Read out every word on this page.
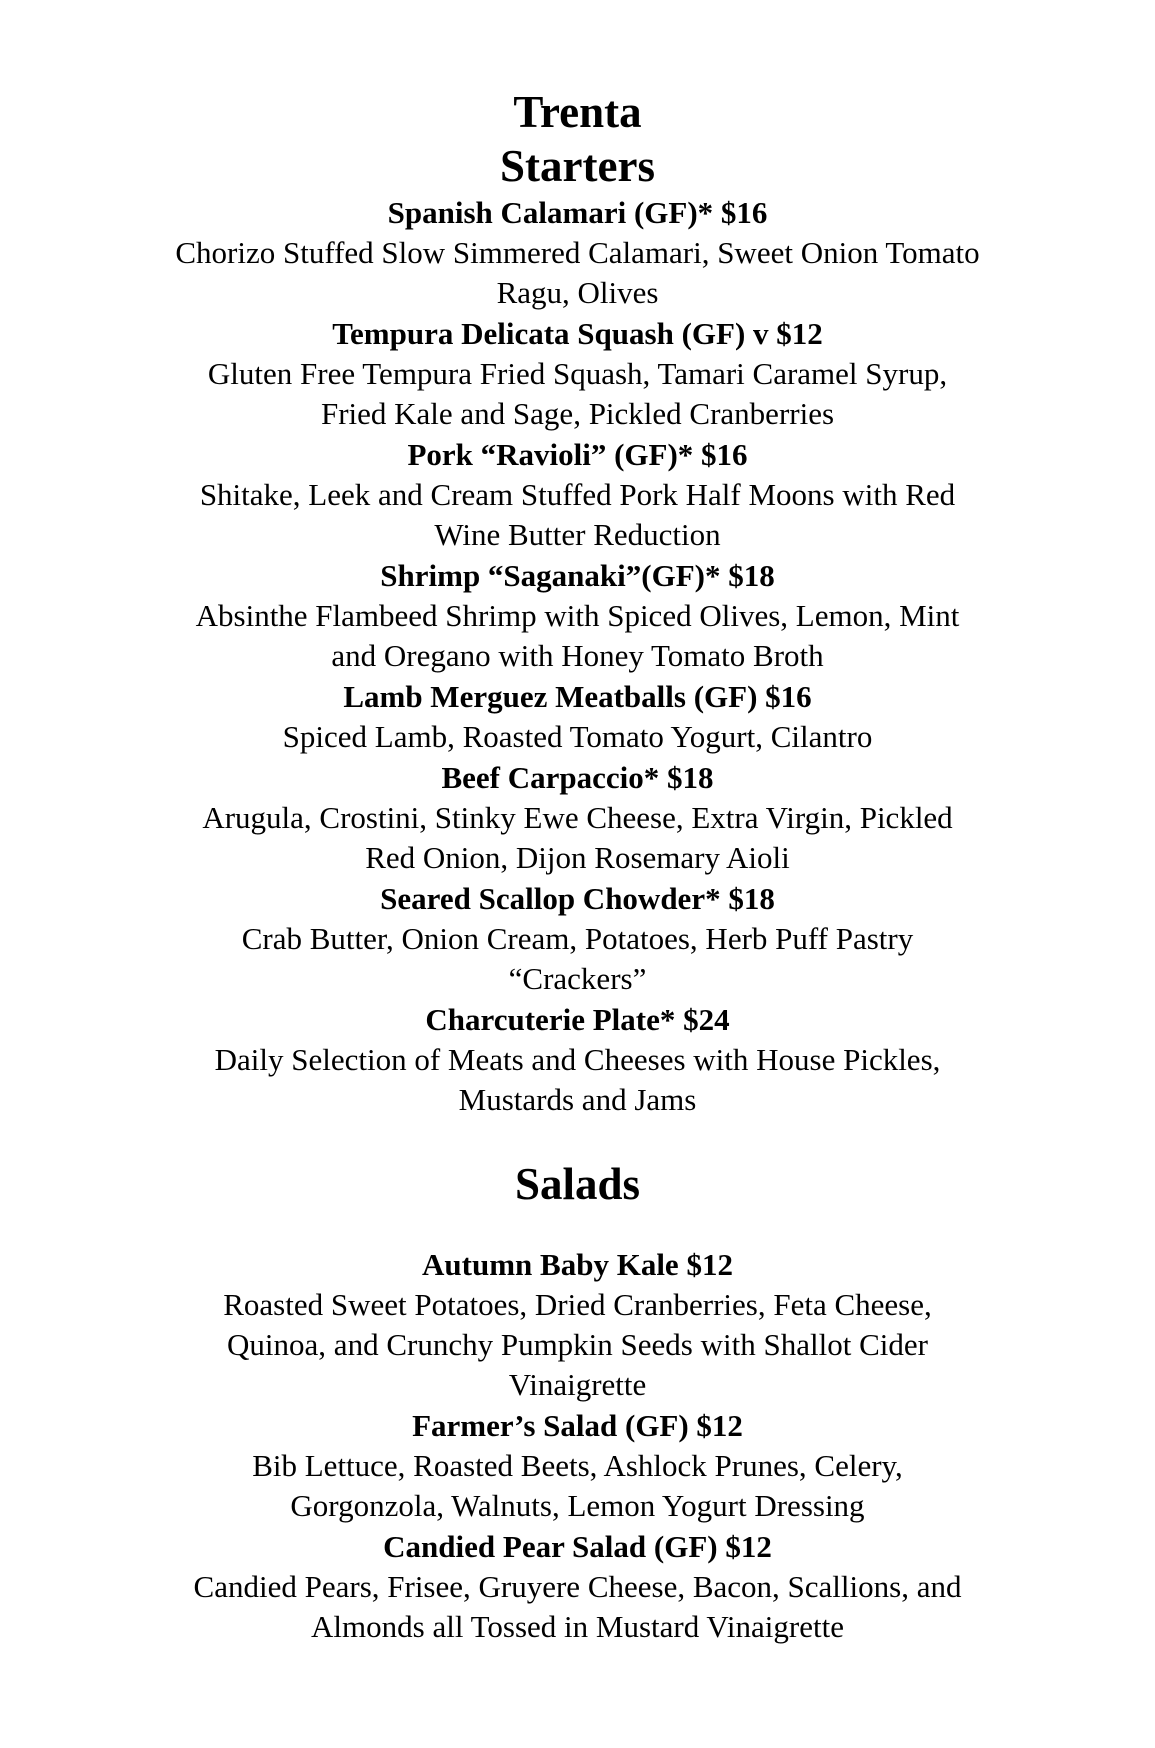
Trenta
Starters
Spanish Calamari (GF)* $16
Chorizo Stuffed Slow Simmered Calamari, Sweet Onion Tomato
Ragu, Olives
Tempura Delicata Squash (GF) v $12
Gluten Free Tempura Fried Squash, Tamari Caramel Syrup,
Fried Kale and Sage, Pickled Cranberries
Pork “Ravioli” (GF)* $16
Shitake, Leek and Cream Stuffed Pork Half Moons with Red
Wine Butter Reduction
Shrimp “Saganaki”(GF)* $18
Absinthe Flambeed Shrimp with Spiced Olives, Lemon, Mint
and Oregano with Honey Tomato Broth
Lamb Merguez Meatballs (GF) $16
Spiced Lamb, Roasted Tomato Yogurt, Cilantro
Beef Carpaccio* $18
Arugula, Crostini, Stinky Ewe Cheese, Extra Virgin, Pickled
Red Onion, Dijon Rosemary Aioli
Seared Scallop Chowder* $18
Crab Butter, Onion Cream, Potatoes, Herb Puff Pastry
“Crackers”
Charcuterie Plate* $24
Daily Selection of Meats and Cheeses with House Pickles,
Mustards and Jams
Salads
Autumn Baby Kale $12
Roasted Sweet Potatoes, Dried Cranberries, Feta Cheese,
Quinoa, and Crunchy Pumpkin Seeds with Shallot Cider
Vinaigrette
Farmer’s Salad (GF) $12
Bib Lettuce, Roasted Beets, Ashlock Prunes, Celery,
Gorgonzola, Walnuts, Lemon Yogurt Dressing
Candied Pear Salad (GF) $12
Candied Pears, Frisee, Gruyere Cheese, Bacon, Scallions, and
Almonds all Tossed in Mustard Vinaigrette
